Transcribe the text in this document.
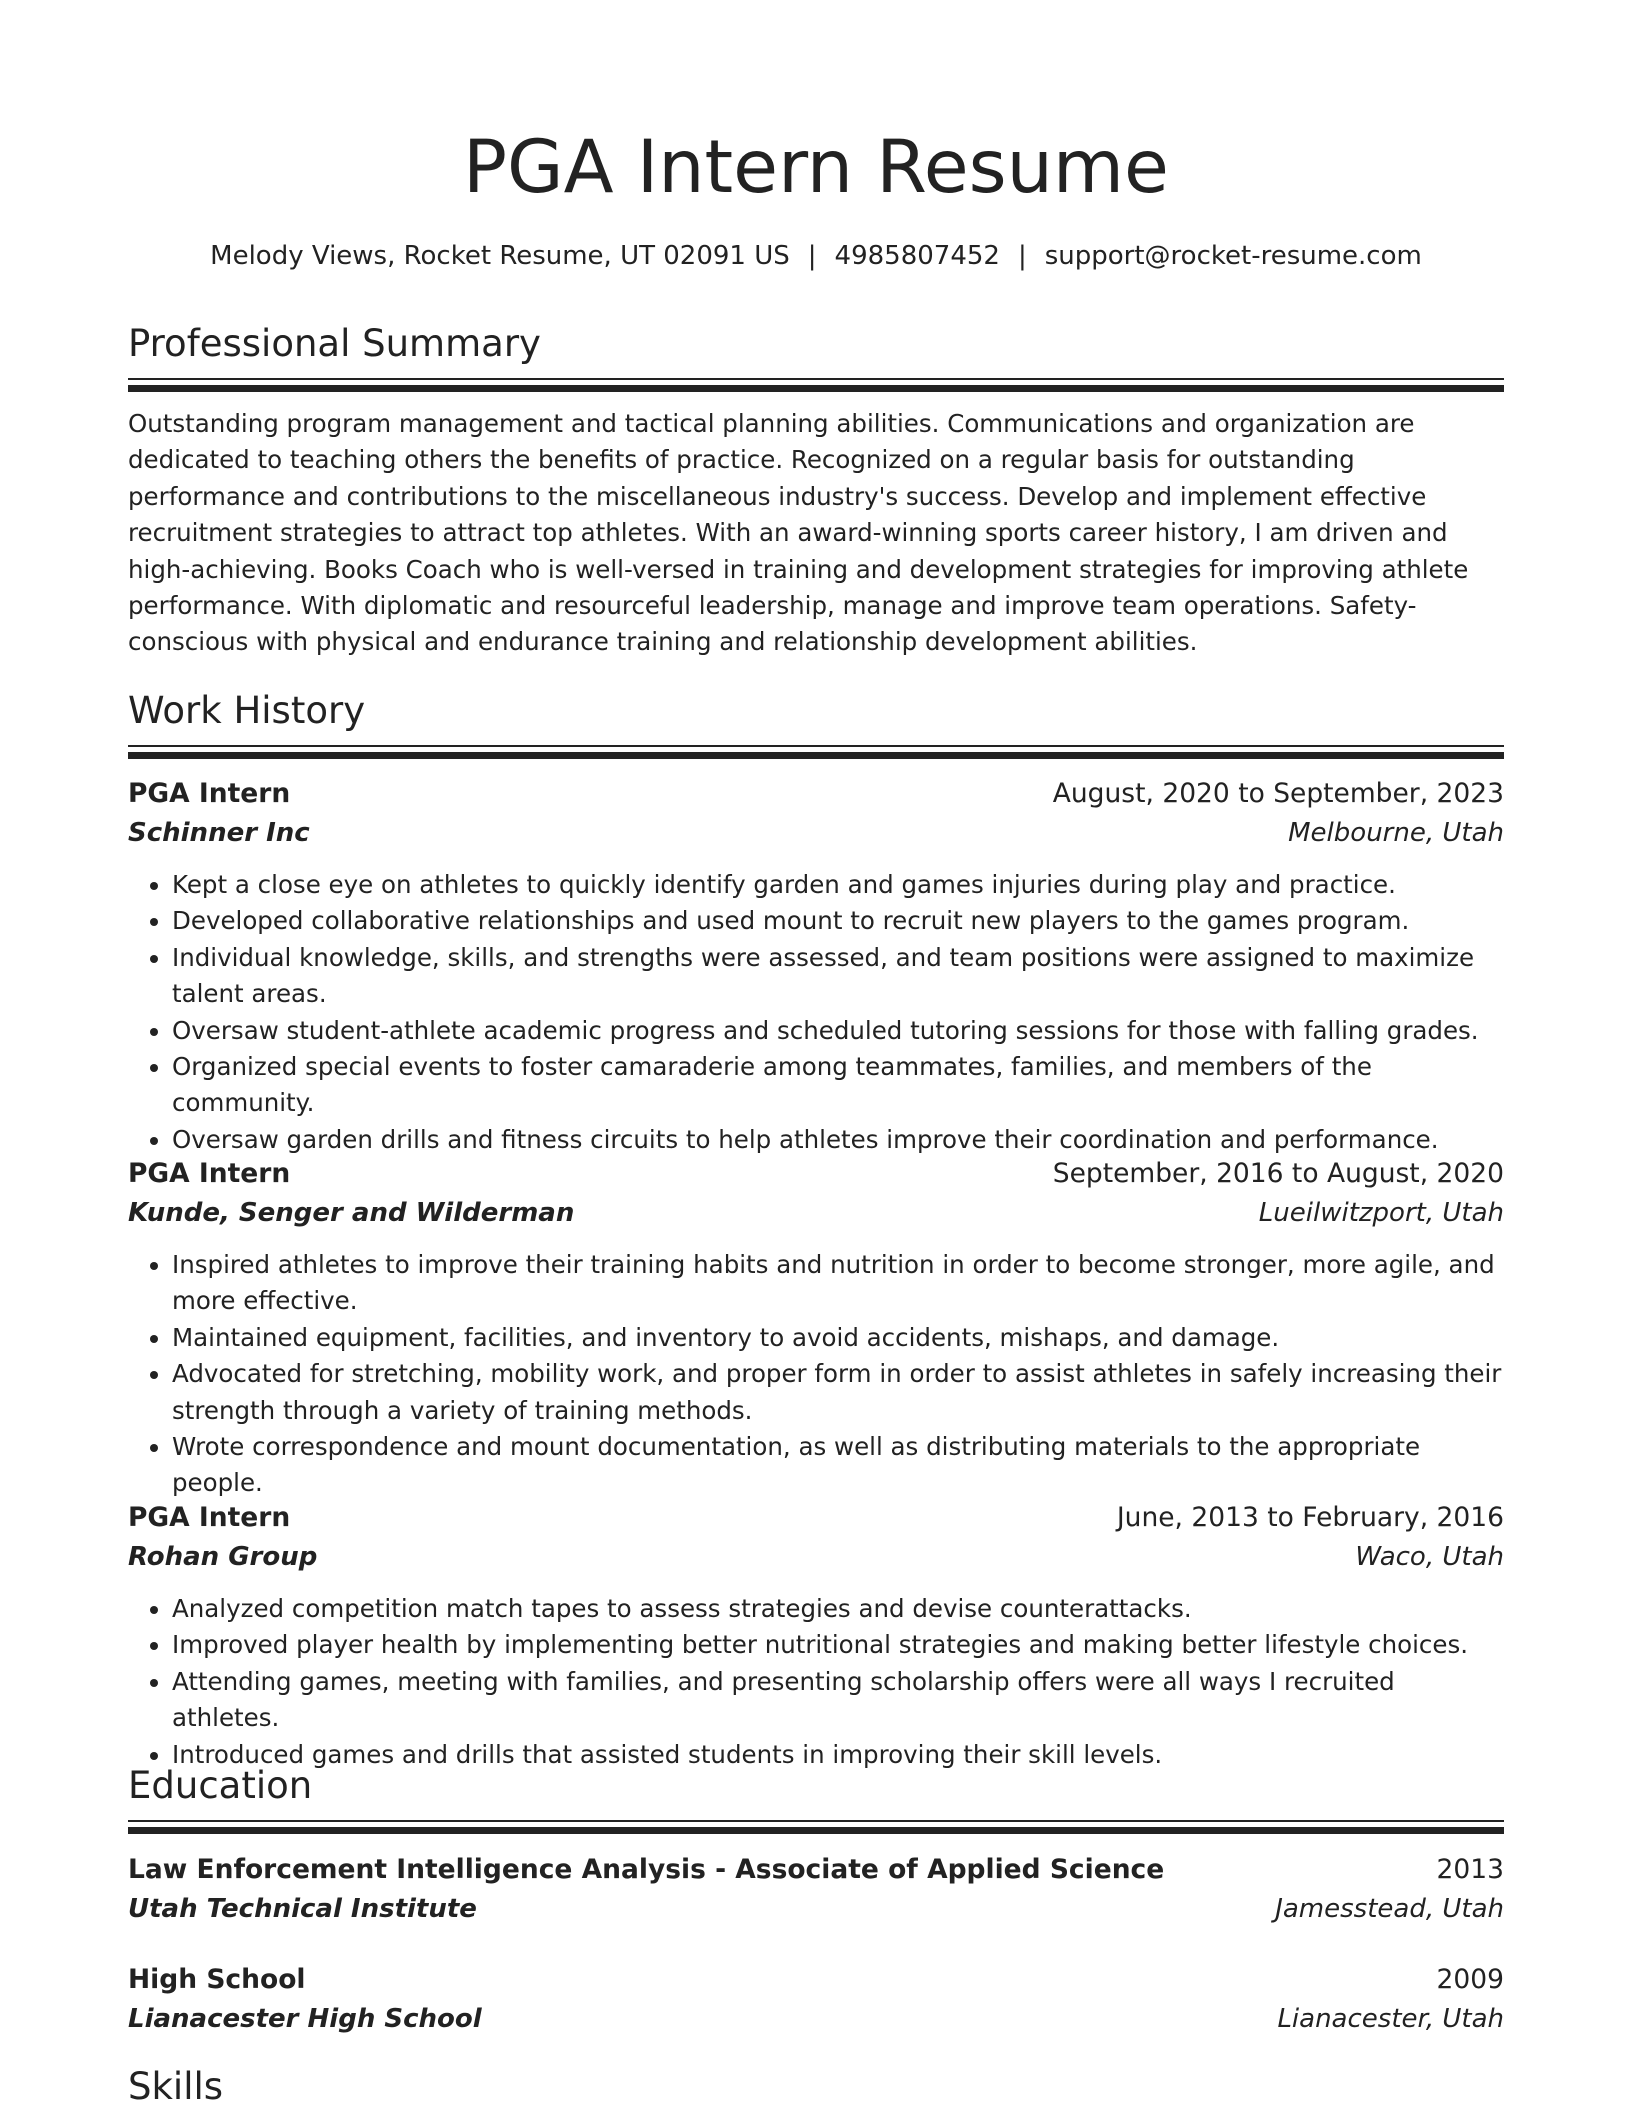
PGA Intern Resume
Melody Views, Rocket Resume, UT 02091 US | 4985807452 | support@rocket-resume.com
Professional Summary
Outstanding program management and tactical planning abilities. Communications and organization are dedicated to teaching others the benefits of practice. Recognized on a regular basis for outstanding performance and contributions to the miscellaneous industry's success. Develop and implement effective recruitment strategies to attract top athletes. With an award-winning sports career history, I am driven and high-achieving. Books Coach who is well-versed in training and development strategies for improving athlete performance. With diplomatic and resourceful leadership, manage and improve team operations. Safety-conscious with physical and endurance training and relationship development abilities.
Work History
PGA Intern	August, 2020 to September, 2023
Schinner Inc	Melbourne, Utah
• Kept a close eye on athletes to quickly identify garden and games injuries during play and practice.
• Developed collaborative relationships and used mount to recruit new players to the games program.
• Individual knowledge, skills, and strengths were assessed, and team positions were assigned to maximize talent areas.
• Oversaw student-athlete academic progress and scheduled tutoring sessions for those with falling grades.
• Organized special events to foster camaraderie among teammates, families, and members of the community.
• Oversaw garden drills and fitness circuits to help athletes improve their coordination and performance.
PGA Intern	September, 2016 to August, 2020
Kunde, Senger and Wilderman	Lueilwitzport, Utah
• Inspired athletes to improve their training habits and nutrition in order to become stronger, more agile, and more effective.
• Maintained equipment, facilities, and inventory to avoid accidents, mishaps, and damage.
• Advocated for stretching, mobility work, and proper form in order to assist athletes in safely increasing their strength through a variety of training methods.
• Wrote correspondence and mount documentation, as well as distributing materials to the appropriate people.
PGA Intern	June, 2013 to February, 2016
Rohan Group	Waco, Utah
• Analyzed competition match tapes to assess strategies and devise counterattacks.
• Improved player health by implementing better nutritional strategies and making better lifestyle choices.
• Attending games, meeting with families, and presenting scholarship offers were all ways I recruited athletes.
• Introduced games and drills that assisted students in improving their skill levels.
Education
Law Enforcement Intelligence Analysis - Associate of Applied Science	2013
Utah Technical Institute	Jamesstead, Utah
High School	2009
Lianacester High School	Lianacester, Utah
Skills
